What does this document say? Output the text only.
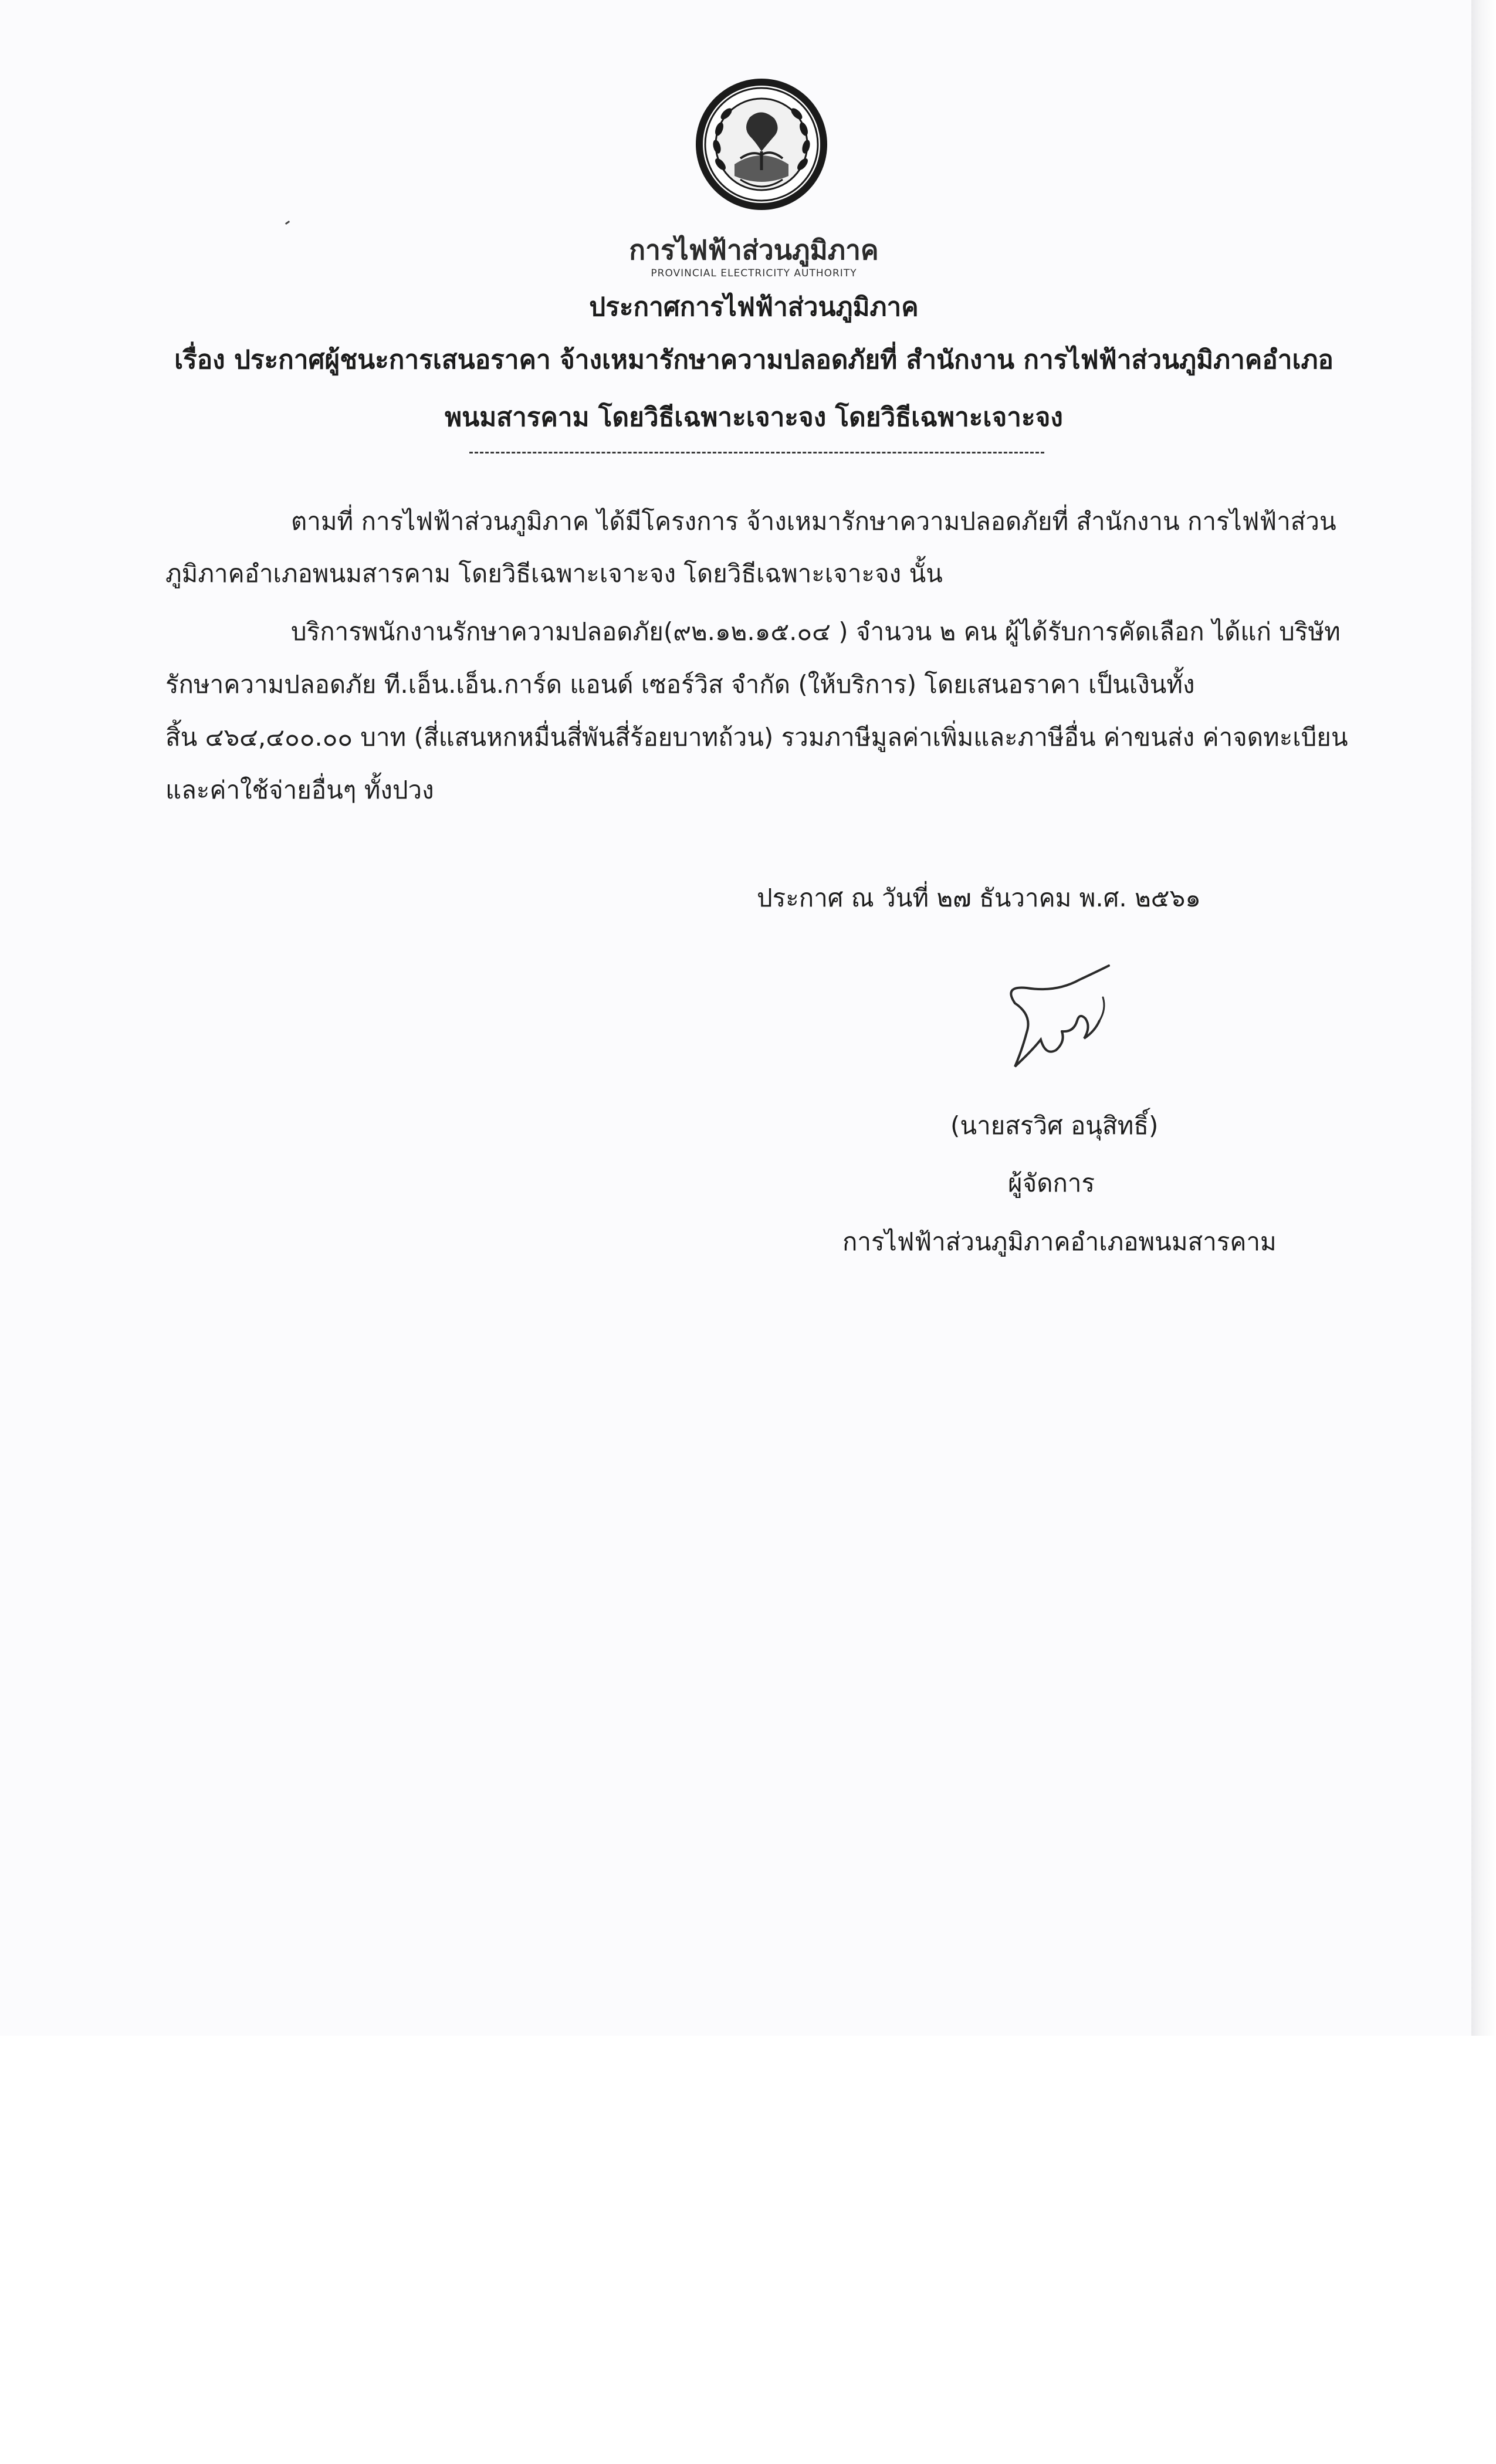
การไฟฟ้าส่วนภูมิภาค
PROVINCIAL ELECTRICITY AUTHORITY
ประกาศการไฟฟ้าส่วนภูมิภาค
เรื่อง ประกาศผู้ชนะการเสนอราคา จ้างเหมารักษาความปลอดภัยที่ สำนักงาน การไฟฟ้าส่วนภูมิภาคอำเภอ
พนมสารคาม โดยวิธีเฉพาะเจาะจง โดยวิธีเฉพาะเจาะจง
ตามที่ การไฟฟ้าส่วนภูมิภาค ได้มีโครงการ จ้างเหมารักษาความปลอดภัยที่ สำนักงาน การไฟฟ้าส่วน
ภูมิภาคอำเภอพนมสารคาม โดยวิธีเฉพาะเจาะจง โดยวิธีเฉพาะเจาะจง นั้น
บริการพนักงานรักษาความปลอดภัย(๙๒.๑๒.๑๕.๐๔ ) จำนวน ๒ คน ผู้ได้รับการคัดเลือก ได้แก่ บริษัท
รักษาความปลอดภัย ที.เอ็น.เอ็น.การ์ด แอนด์ เซอร์วิส จำกัด (ให้บริการ) โดยเสนอราคา เป็นเงินทั้ง
สิ้น ๔๖๔,๔๐๐.๐๐ บาท (สี่แสนหกหมื่นสี่พันสี่ร้อยบาทถ้วน) รวมภาษีมูลค่าเพิ่มและภาษีอื่น ค่าขนส่ง ค่าจดทะเบียน
และค่าใช้จ่ายอื่นๆ ทั้งปวง
ประกาศ ณ วันที่ ๒๗ ธันวาคม พ.ศ. ๒๕๖๑
(นายสรวิศ อนุสิทธิ์)
ผู้จัดการ
การไฟฟ้าส่วนภูมิภาคอำเภอพนมสารคาม
